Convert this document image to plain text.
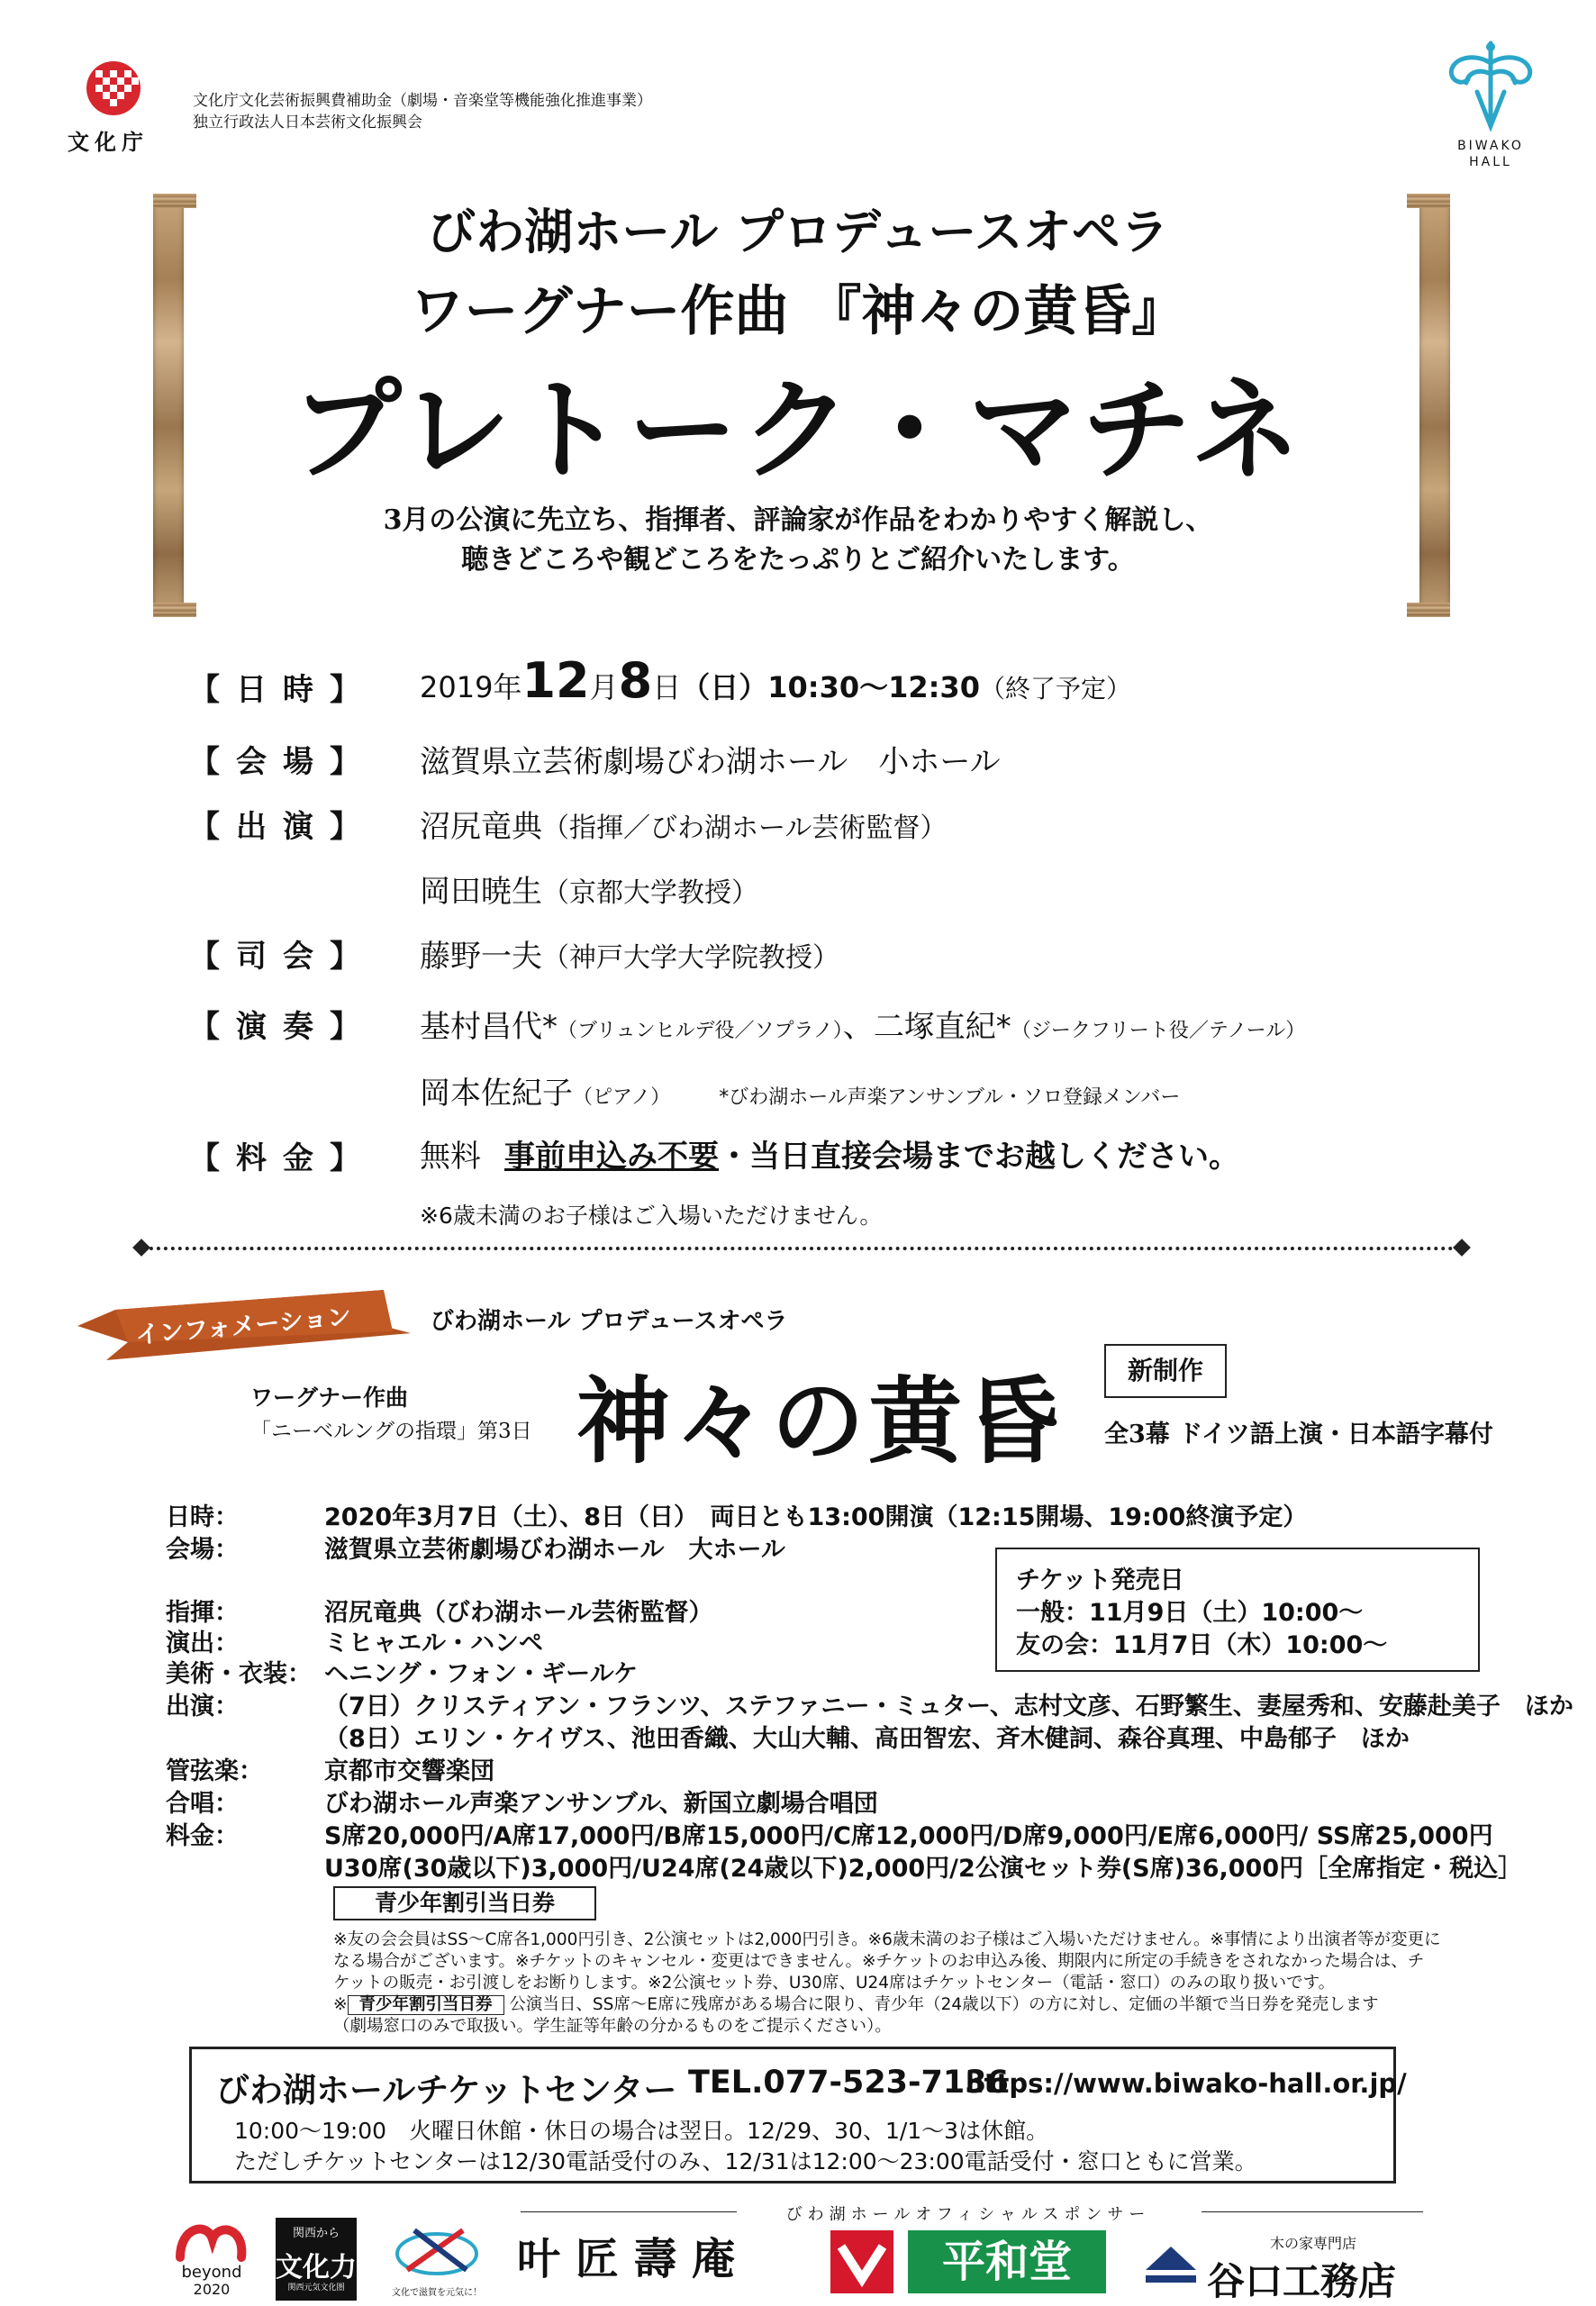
文化庁
文化庁文化芸術振興費補助金（劇場・音楽堂等機能強化推進事業）
独立行政法人日本芸術文化振興会
BIWAKO
HALL
びわ湖ホール プロデュースオペラ
ワーグナー作曲 『神々の黄昏』
プレトーク・マチネ
3月の公演に先立ち、指揮者、評論家が作品をわかりやすく解説し、
聴きどころや観どころをたっぷりとご紹介いたします。
【日時】 2019年12月8日（日）10:30〜12:30（終了予定）
【会場】 滋賀県立芸術劇場びわ湖ホール　小ホール
【出演】 沼尻竜典（指揮／びわ湖ホール芸術監督）
岡田暁生（京都大学教授）
【司会】 藤野一夫（神戸大学大学院教授）
【演奏】 基村昌代*（ブリュンヒルデ役／ソプラノ）、二塚直紀*（ジークフリート役／テノール）
岡本佐紀子（ピアノ） *びわ湖ホール声楽アンサンブル・ソロ登録メンバー
【料金】 無料 事前申込み不要・当日直接会場までお越しください。
※6歳未満のお子様はご入場いただけません。
インフォメーション	びわ湖ホール プロデュースオペラ
ワーグナー作曲
「ニーベルングの指環」第3日 神々の黄昏	新制作
全3幕 ドイツ語上演・日本語字幕付
日時：	2020年3月7日（土）、8日（日）　両日とも13:00開演（12:15開場、19:00終演予定）
会場：	滋賀県立芸術劇場びわ湖ホール　大ホール
チケット発売日
一般：11月9日（土）10:00〜
友の会：11月7日（木）10:00〜
指揮：	沼尻竜典（びわ湖ホール芸術監督）
演出：	ミヒャエル・ハンペ
美術・衣装： ヘニング・フォン・ギールケ
出演：	（7日）クリスティアン・フランツ、ステファニー・ミュター、志村文彦、石野繁生、妻屋秀和、安藤赴美子　ほか
（8日）エリン・ケイヴス、池田香織、大山大輔、高田智宏、斉木健詞、森谷真理、中島郁子　ほか
管弦楽：	京都市交響楽団
合唱：	びわ湖ホール声楽アンサンブル、新国立劇場合唱団
料金：	S席20,000円/A席17,000円/B席15,000円/C席12,000円/D席9,000円/E席6,000円/ SS席25,000円
U30席(30歳以下)3,000円/U24席(24歳以下)2,000円/2公演セット券(S席)36,000円［全席指定・税込］
青少年割引当日券
※友の会会員はSS〜C席各1,000円引き、2公演セットは2,000円引き。※6歳未満のお子様はご入場いただけません。※事情により出演者等が変更に
なる場合がございます。※チケットのキャンセル・変更はできません。※チケットのお申込み後、期限内に所定の手続きをされなかった場合は、チ
ケットの販売・お引渡しをお断りします。※2公演セット券、U30席、U24席はチケットセンター（電話・窓口）のみの取り扱いです。
※ 青少年割引当日券 公演当日、SS席〜E席に残席がある場合に限り、青少年（24歳以下）の方に対し、定価の半額で当日券を発売します
（劇場窓口のみで取扱い。学生証等年齢の分かるものをご提示ください）。
びわ湖ホールチケットセンター TEL.077-523-7136
https://www.biwako-hall.or.jp/
10:00〜19:00　火曜日休館・休日の場合は翌日。12/29、30、1/1〜3は休館。
ただしチケットセンターは12/30電話受付のみ、12/31は12:00〜23:00電話受付・窓口ともに営業。
びわ湖ホールオフィシャルスポンサー
beyond
2020
関西から
文化力
関西元気文化圏	文化で滋賀を元気に！
叶 匠 壽 庵	平和堂	木の家専門店
谷口工務店
